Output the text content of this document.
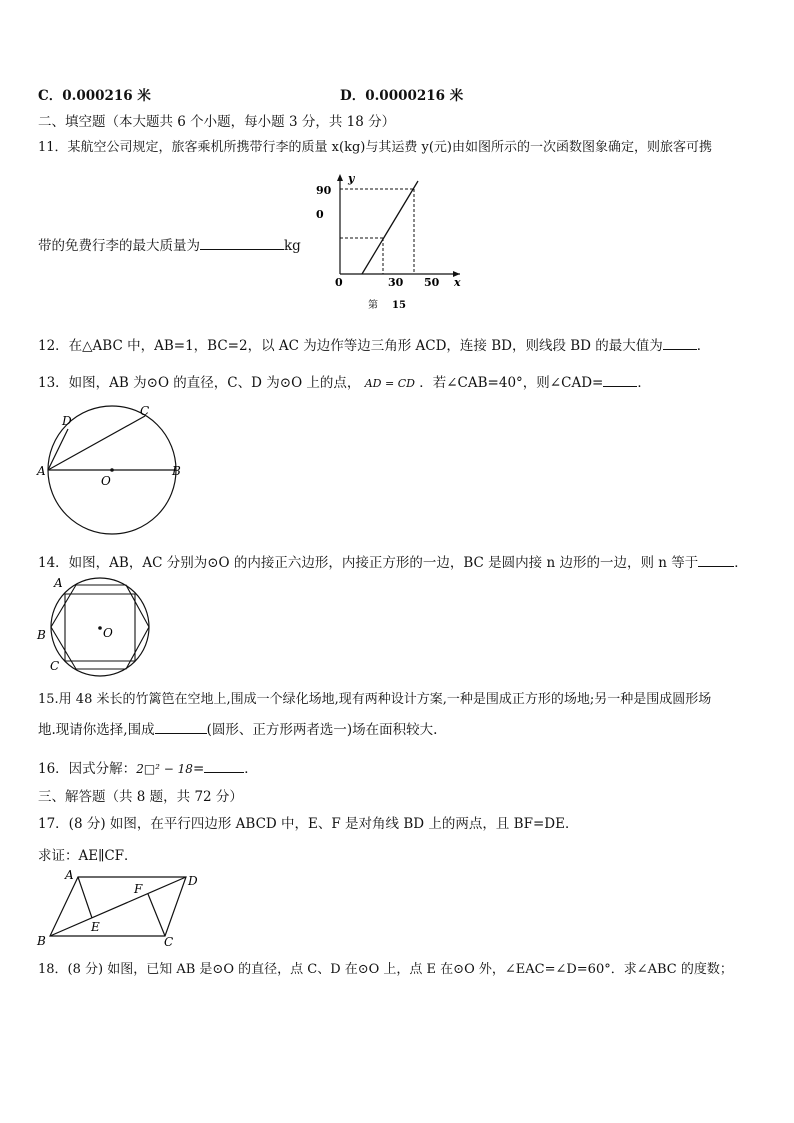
C．0.000216 米	D．0.0000216 米
二、填空题（本大题共 6 个小题，每小题 3 分，共 18 分）
11．某航空公司规定，旅客乘机所携带行李的质量 x(kg)与其运费 y(元)由如图所示的一次函数图象确定，则旅客可携
带的免费行李的最大质量为	kg
y
x
90
0
0	30 50
第 15
12．在△ABC 中，AB=1，BC=2，以 AC 为边作等边三角形 ACD，连接 BD，则线段 BD 的最大值为	．
13．如图，AB 为⊙O 的直径，C、D 为⊙O 上的点， AD = CD ．若∠CAB=40°，则∠CAD=	．
A	B
C
D
O
14．如图，AB，AC 分别为⊙O 的内接正六边形，内接正方形的一边，BC 是圆内接 n 边形的一边，则 n 等于	．
A
B
C
O
15.用 48 米长的竹篱笆在空地上,围成一个绿化场地,现有两种设计方案,一种是围成正方形的场地;另一种是围成圆形场
地.现请你选择,围成	(圆形、正方形两者选一)场在面积较大.
16．因式分解：2□² − 18=	．
三、解答题（共 8 题，共 72 分）
17．(8 分) 如图，在平行四边形 ABCD 中，E、F 是对角线 BD 上的两点，且 BF=DE．
求证：AE∥CF．
A
B	C
D
E
F
18．(8 分) 如图，已知 AB 是⊙O 的直径，点 C、D 在⊙O 上，点 E 在⊙O 外，∠EAC=∠D=60°．求∠ABC 的度数；
